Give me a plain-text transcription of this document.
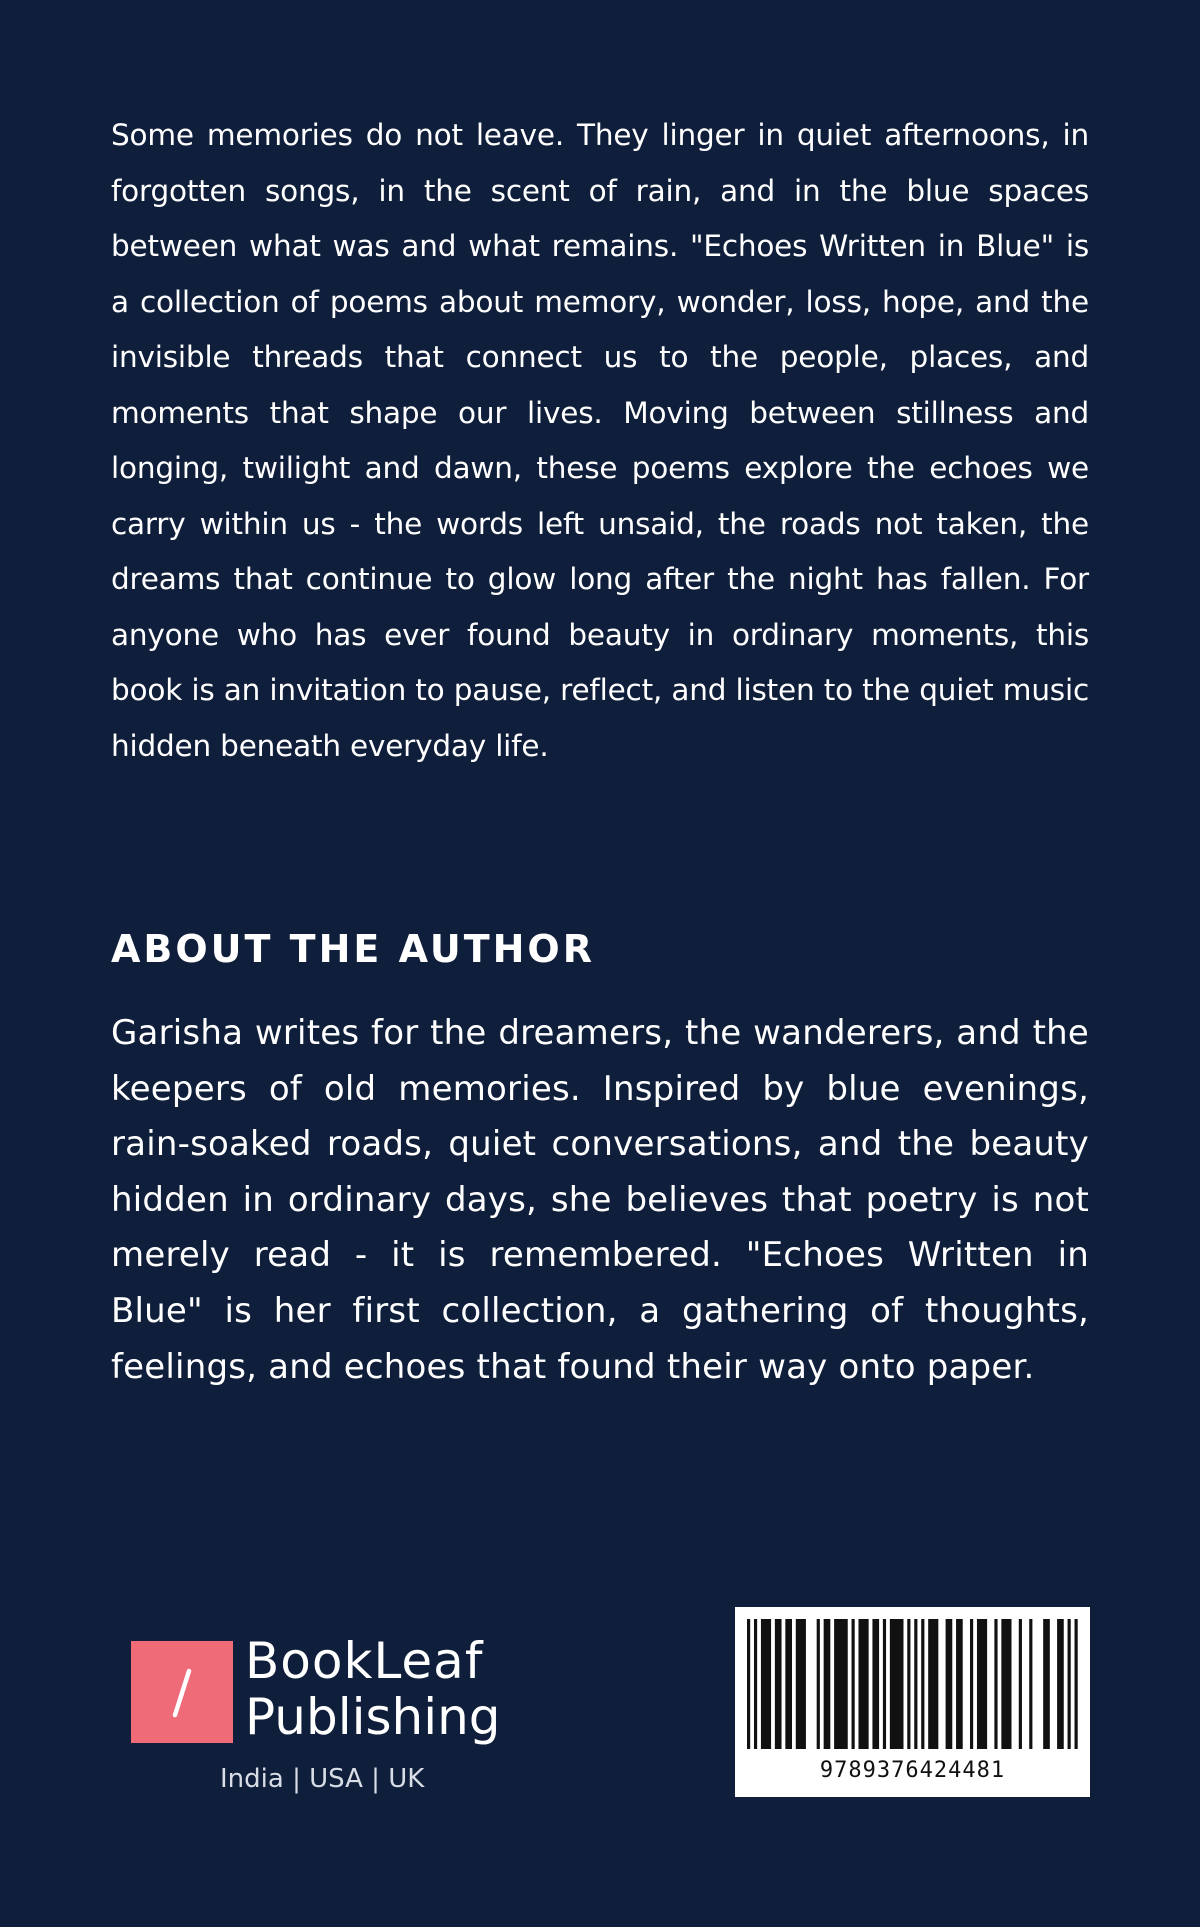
Some memories do not leave. They linger in quiet afternoons, in forgotten songs, in the scent of rain, and in the blue spaces between what was and what remains. "Echoes Written in Blue" is a collection of poems about memory, wonder, loss, hope, and the invisible threads that connect us to the people, places, and moments that shape our lives. Moving between stillness and longing, twilight and dawn, these poems explore the echoes we carry within us - the words left unsaid, the roads not taken, the dreams that continue to glow long after the night has fallen. For anyone who has ever found beauty in ordinary moments, this book is an invitation to pause, reflect, and listen to the quiet music hidden beneath everyday life.

ABOUT THE AUTHOR

Garisha writes for the dreamers, the wanderers, and the keepers of old memories. Inspired by blue evenings, rain-soaked roads, quiet conversations, and the beauty hidden in ordinary days, she believes that poetry is not merely read - it is remembered. "Echoes Written in Blue" is her first collection, a gathering of thoughts, feelings, and echoes that found their way onto paper.

BookLeaf
Publishing
India | USA | UK	9789376424481
